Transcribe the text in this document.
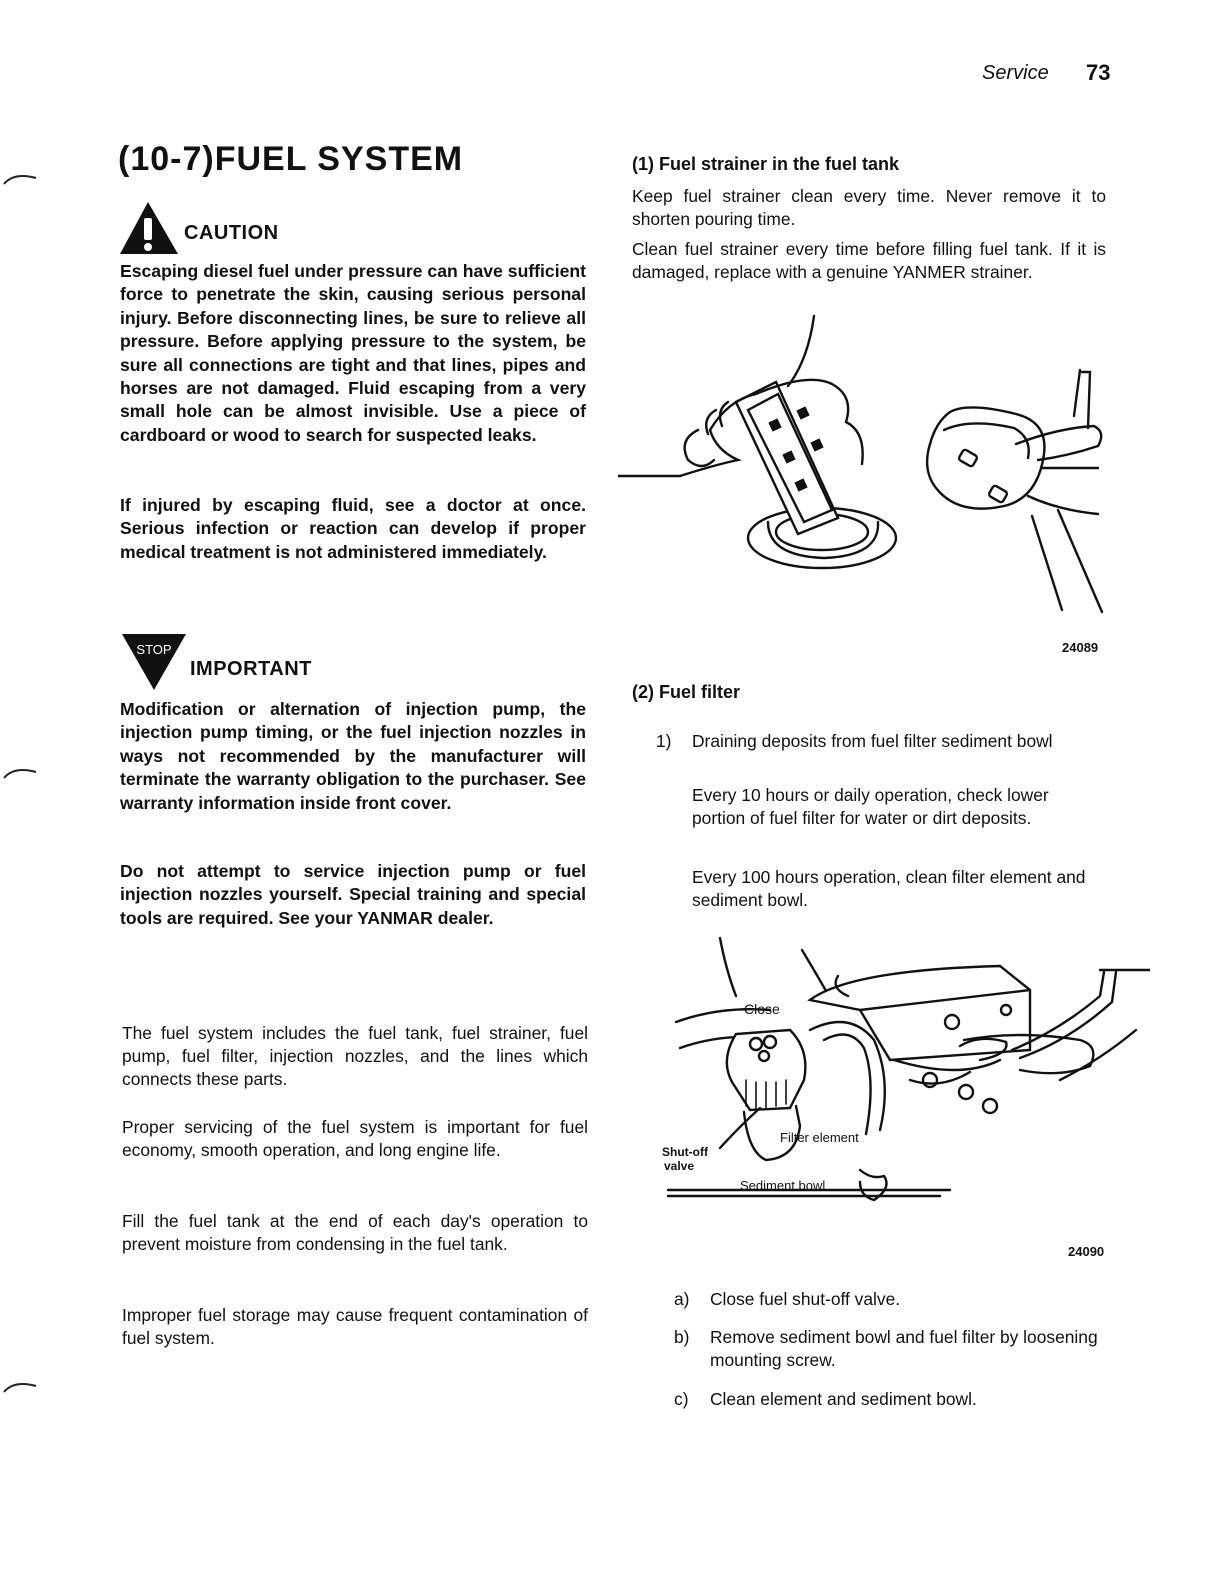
Service 73
(10-7)FUEL SYSTEM
CAUTION

Escaping diesel fuel under pressure can have sufficient force to penetrate the skin, causing serious personal injury. Before disconnecting lines, be sure to relieve all pressure. Before applying pressure to the system, be sure all connections are tight and that lines, pipes and horses are not damaged. Fluid escaping from a very small hole can be almost invisible. Use a piece of cardboard or wood to search for suspected leaks.

If injured by escaping fluid, see a doctor at once. Serious infection or reaction can develop if proper medical treatment is not administered immediately.

STOP
IMPORTANT

Modification or alternation of injection pump, the injection pump timing, or the fuel injection nozzles in ways not recommended by the manufacturer will terminate the warranty obligation to the purchaser. See warranty information inside front cover.

Do not attempt to service injection pump or fuel injection nozzles yourself. Special training and special tools are required. See your YANMAR dealer.

The fuel system includes the fuel tank, fuel strainer, fuel pump, fuel filter, injection nozzles, and the lines which connects these parts.

Proper servicing of the fuel system is important for fuel economy, smooth operation, and long engine life.

Fill the fuel tank at the end of each day's operation to prevent moisture from condensing in the fuel tank.

Improper fuel storage may cause frequent contamination of fuel system.

(1) Fuel strainer in the fuel tank

Keep fuel strainer clean every time. Never remove it to shorten pouring time.

Clean fuel strainer every time before filling fuel tank. If it is damaged, replace with a genuine YANMER strainer.

24089
(2) Fuel filter
1) Draining deposits from fuel filter sediment bowl

Every 10 hours or daily operation, check lower portion of fuel filter for water or dirt deposits.

Every 100 hours operation, clean filter element and sediment bowl.

Close
Filter element
Shut-off
valve
Sediment bowl
24090
a) Close fuel shut-off valve.
b) Remove sediment bowl and fuel filter by loosening mounting screw.
c) Clean element and sediment bowl.
